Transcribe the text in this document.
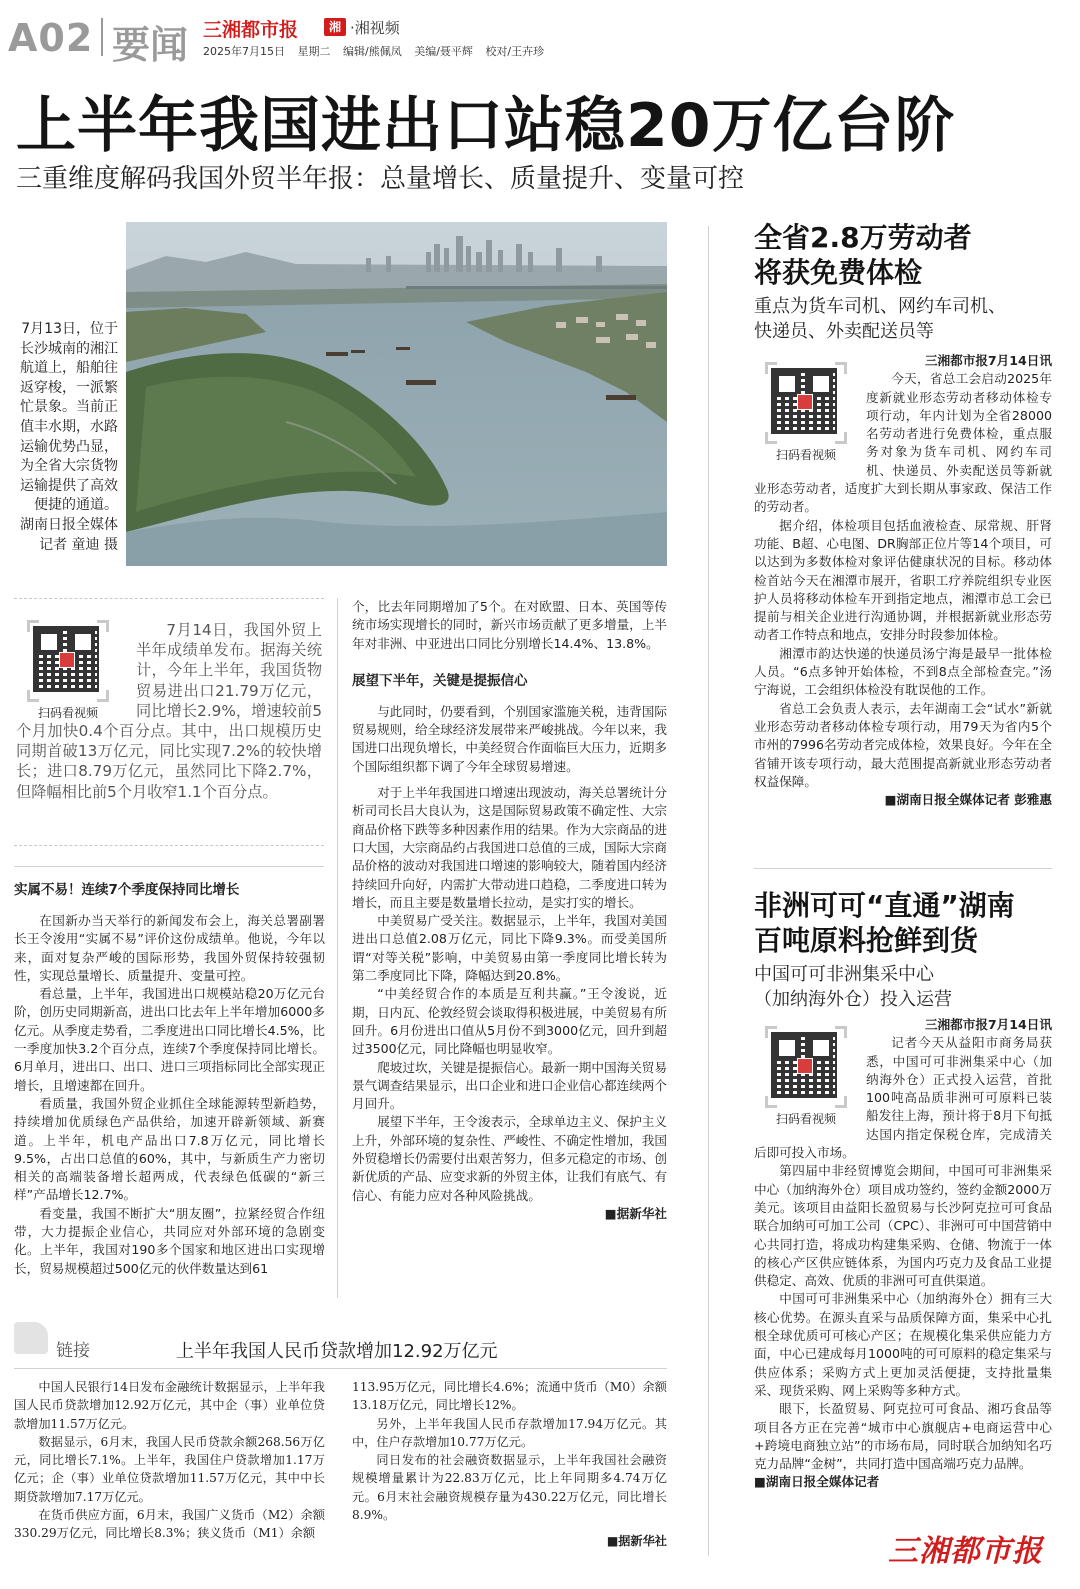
A02 要闻 三湘都市报	湘 ·湘视频
2025年7月15日 星期二 编辑/熊佩凤 美编/聂平辉 校对/王卉珍
上半年我国进出口站稳20万亿台阶
三重维度解码我国外贸半年报：总量增长、质量提升、变量可控
7月13日，位于长沙城南的湘江航道上，船舶往返穿梭，一派繁忙景象。当前正值丰水期，水路运输优势凸显，为全省大宗货物运输提供了高效便捷的通道。
湖南日报全媒体记者 童迪 摄
扫码看视频
7月14日，我国外贸上半年成绩单发布。据海关统计，今年上半年，我国货物贸易进出口21.79万亿元，同比增长2.9%，增速较前5个月加快0.4个百分点。其中，出口规模历史同期首破13万亿元，同比实现7.2%的较快增长；进口8.79万亿元，虽然同比下降2.7%，但降幅相比前5个月收窄1.1个百分点。
实属不易！连续7个季度保持同比增长

在国新办当天举行的新闻发布会上，海关总署副署长王令浚用“实属不易”评价这份成绩单。他说，今年以来，面对复杂严峻的国际形势，我国外贸保持较强韧性，实现总量增长、质量提升、变量可控。

看总量，上半年，我国进出口规模站稳20万亿元台阶，创历史同期新高，进出口比去年上半年增加6000多亿元。从季度走势看，二季度进出口同比增长4.5%，比一季度加快3.2个百分点，连续7个季度保持同比增长。6月单月，进出口、出口、进口三项指标同比全部实现正增长，且增速都在回升。

看质量，我国外贸企业抓住全球能源转型新趋势，持续增加优质绿色产品供给，加速开辟新领域、新赛道。上半年，机电产品出口7.8万亿元，同比增长9.5%，占出口总值的60%，其中，与新质生产力密切相关的高端装备增长超两成，代表绿色低碳的“新三样”产品增长12.7%。

看变量，我国不断扩大“朋友圈”，拉紧经贸合作纽带，大力提振企业信心，共同应对外部环境的急剧变化。上半年，我国对190多个国家和地区进出口实现增长，贸易规模超过500亿元的伙伴数量达到61

个，比去年同期增加了5个。在对欧盟、日本、英国等传统市场实现增长的同时，新兴市场贡献了更多增量，上半年对非洲、中亚进出口同比分别增长14.4%、13.8%。

展望下半年，关键是提振信心

与此同时，仍要看到，个别国家滥施关税，违背国际贸易规则，给全球经济发展带来严峻挑战。今年以来，我国进口出现负增长，中美经贸合作面临巨大压力，近期多个国际组织都下调了今年全球贸易增速。

对于上半年我国进口增速出现波动，海关总署统计分析司司长吕大良认为，这是国际贸易政策不确定性、大宗商品价格下跌等多种因素作用的结果。作为大宗商品的进口大国，大宗商品约占我国进口总值的三成，国际大宗商品价格的波动对我国进口增速的影响较大，随着国内经济持续回升向好，内需扩大带动进口趋稳，二季度进口转为增长，而且主要是数量增长拉动，是实打实的增长。

中美贸易广受关注。数据显示，上半年，我国对美国进出口总值2.08万亿元，同比下降9.3%。而受美国所谓“对等关税”影响，中美贸易由第一季度同比增长转为第二季度同比下降，降幅达到20.8%。

“中美经贸合作的本质是互利共赢。”王令浚说，近期，日内瓦、伦敦经贸会谈取得积极进展，中美贸易有所回升。6月份进出口值从5月份不到3000亿元，回升到超过3500亿元，同比降幅也明显收窄。

爬坡过坎，关键是提振信心。最新一期中国海关贸易景气调查结果显示，出口企业和进口企业信心都连续两个月回升。

展望下半年，王令浚表示，全球单边主义、保护主义上升，外部环境的复杂性、严峻性、不确定性增加，我国外贸稳增长仍需要付出艰苦努力，但多元稳定的市场、创新优质的产品、应变求新的外贸主体，让我们有底气、有信心、有能力应对各种风险挑战。

■据新华社

链接	上半年我国人民币贷款增加12.92万亿元

中国人民银行14日发布金融统计数据显示，上半年我国人民币贷款增加12.92万亿元，其中企（事）业单位贷款增加11.57万亿元。

数据显示，6月末，我国人民币贷款余额268.56万亿元，同比增长7.1%。上半年，我国住户贷款增加1.17万亿元；企（事）业单位贷款增加11.57万亿元，其中中长期贷款增加7.17万亿元。

在货币供应方面，6月末，我国广义货币（M2）余额330.29万亿元，同比增长8.3%；狭义货币（M1）余额

113.95万亿元，同比增长4.6%；流通中货币（M0）余额13.18万亿元，同比增长12%。

另外，上半年我国人民币存款增加17.94万亿元。其中，住户存款增加10.77万亿元。

同日发布的社会融资数据显示，上半年我国社会融资规模增量累计为22.83万亿元，比上年同期多4.74万亿元。6月末社会融资规模存量为430.22万亿元，同比增长8.9%。

■据新华社

全省2.8万劳动者
将获免费体检
重点为货车司机、网约车司机、
快递员、外卖配送员等
扫码看视频

三湘都市报7月14日讯

今天，省总工会启动2025年度新就业形态劳动者移动体检专项行动，年内计划为全省28000名劳动者进行免费体检，重点服务对象为货车司机、网约车司机、快递员、外卖配送员等新就业形态劳动者，适度扩大到长期从事家政、保洁工作的劳动者。

据介绍，体检项目包括血液检查、尿常规、肝肾功能、B超、心电图、DR胸部正位片等14个项目，可以达到为多数体检对象评估健康状况的目标。移动体检首站今天在湘潭市展开，省职工疗养院组织专业医护人员将移动体检车开到指定地点，湘潭市总工会已提前与相关企业进行沟通协调，并根据新就业形态劳动者工作特点和地点，安排分时段参加体检。

湘潭市韵达快递的快递员汤宁海是最早一批体检人员。“6点多钟开始体检，不到8点全部检查完。”汤宁海说，工会组织体检没有耽误他的工作。

省总工会负责人表示，去年湖南工会“试水”新就业形态劳动者移动体检专项行动，用79天为省内5个市州的7996名劳动者完成体检，效果良好。今年在全省铺开该专项行动，最大范围提高新就业形态劳动者权益保障。

■湖南日报全媒体记者 彭雅惠

非洲可可“直通”湖南
百吨原料抢鲜到货
中国可可非洲集采中心
（加纳海外仓）投入运营
扫码看视频

三湘都市报7月14日讯

记者今天从益阳市商务局获悉，中国可可非洲集采中心（加纳海外仓）正式投入运营，首批100吨高品质非洲可可原料已装船发往上海，预计将于8月下旬抵达国内指定保税仓库，完成清关后即可投入市场。

第四届中非经贸博览会期间，中国可可非洲集采中心（加纳海外仓）项目成功签约，签约金额2000万美元。该项目由益阳长盈贸易与长沙阿克拉可可食品联合加纳可可加工公司（CPC）、非洲可可中国营销中心共同打造，将成功构建集采购、仓储、物流于一体的核心产区供应链体系，为国内巧克力及食品工业提供稳定、高效、优质的非洲可可直供渠道。

中国可可非洲集采中心（加纳海外仓）拥有三大核心优势。在源头直采与品质保障方面，集采中心扎根全球优质可可核心产区；在规模化集采供应能力方面，中心已建成每月1000吨的可可原料的稳定集采与供应体系；采购方式上更加灵活便捷，支持批量集采、现货采购、网上采购等多种方式。

眼下，长盈贸易、阿克拉可可食品、湘巧食品等项目各方正在完善“城市中心旗舰店+电商运营中心+跨境电商独立站”的市场布局，同时联合加纳知名巧克力品牌“金树”，共同打造中国高端巧克力品牌。

■湖南日报全媒体记者

三湘都市报
